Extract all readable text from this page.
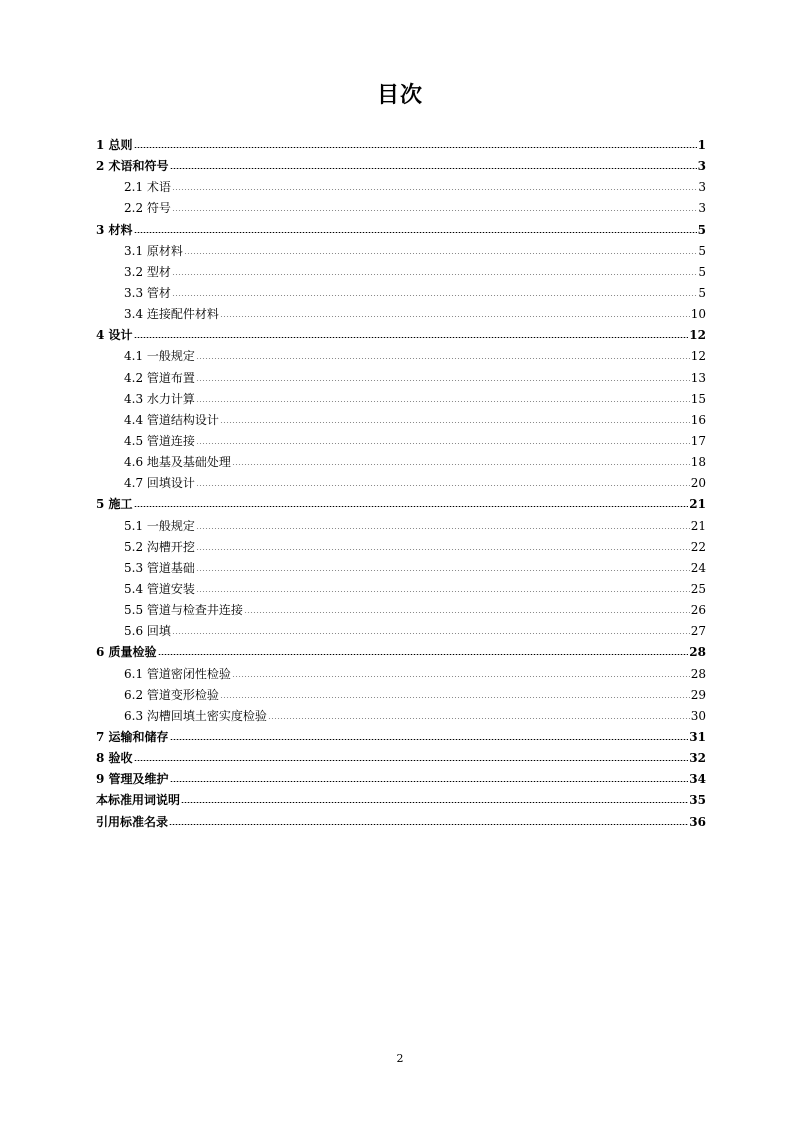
目次
1 总则	1
2 术语和符号	3
2.1 术语	3
2.2 符号	3
3 材料	5
3.1 原材料	5
3.2 型材	5
3.3 管材	5
3.4 连接配件材料	10
4 设计	12
4.1 一般规定	12
4.2 管道布置	13
4.3 水力计算	15
4.4 管道结构设计	16
4.5 管道连接	17
4.6 地基及基础处理	18
4.7 回填设计	20
5 施工	21
5.1 一般规定	21
5.2 沟槽开挖	22
5.3 管道基础	24
5.4 管道安装	25
5.5 管道与检查井连接	26
5.6 回填	27
6 质量检验	28
6.1 管道密闭性检验	28
6.2 管道变形检验	29
6.3 沟槽回填土密实度检验	30
7 运输和储存	31
8 验收	32
9 管理及维护	34
本标准用词说明	35
引用标准名录	36
2
